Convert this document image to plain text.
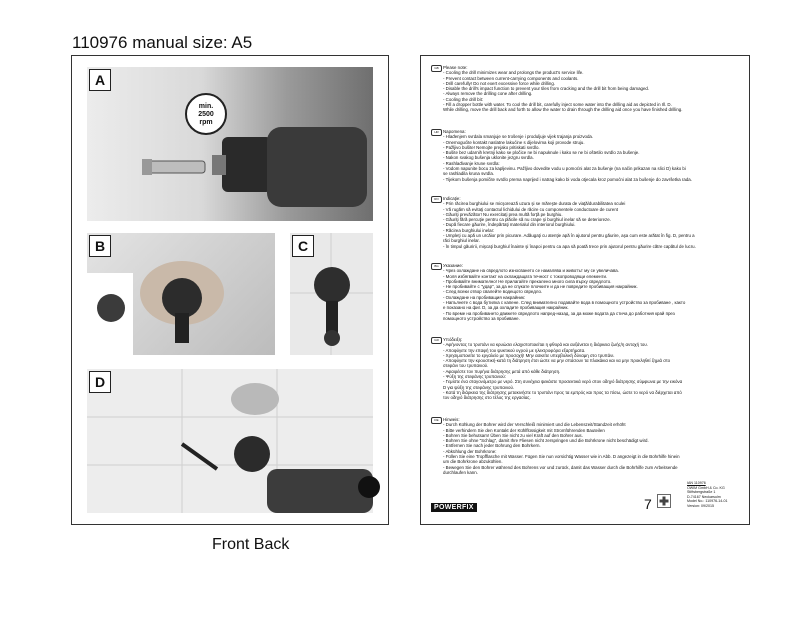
110976 manual size: A5
min.
2500
rpm
A
B	C
D
GB Please note:
- Cooling the drill minimizes wear and prolongs the product's service life.
- Prevent contact between current-carrying components and coolants.
- Drill carefully! Do not exert excessive force while drilling.
- Disable the drill's impact function to prevent your tiles from cracking and the drill bit from being damaged.
- Always remove the drilling cone after drilling.
- Cooling the drill bit:
- Fill a dropper bottle with water. To cool the drill bit, carefully inject some water into the drilling aid as depicted in Ill. D.
While drilling, move the drill back and forth to allow the water to drain through the drilling aid once you have finished drilling.
HR Napomena:
- Hlađenjem svrdala smanjuje se trošenje i produljuje vijek trajanja proizvoda.
- Onemogućite kontakt naslatne lakućine s dijelovima koji provode struju.
- Pažljivo bušite! Nemojte prejako pritiskati svrdlo.
- Bušite bez udarnih kretnji kako se pločice ne bi napuknule i kako se ne bi oštetilo svrdlo za bušenje.
- Nakon svakog bušenja uklonite jezgru svrdla.
- Rashlađivanje krune svrdla:
- Vodom napunite bocu za kapljevinu. Pažljivo dovedite vodu u pomoćni alat za bušenje (na način prikazan na slici D) kako bi
se rashladila kruna svrdla.
- Tijekom bušenja pomičite svrdlo prema naprijed i natrag kako bi voda otjecala kroz pomoćni alat za bušenje do završetka rada.
RO Indicaţie:
- Prin răcirea burghiului se micşorează uzura şi se măreşte durata de viaţă/durabilitatea sculei
- Vă rugăm să evitaţi contactul lichidului de răcire cu componentele conductoare de curent
- Găuriţi prevăzător! Nu exercitaţi prea multă forţă pe burghiu.
- Găuriţi fără percuţie pentru ca plăcile să nu crape şi burghiul inelar să se deterioreze.
- După fiecare găurire, îndepărtaţi materialul din interiorul burghiului.
- Răcirea burghiului inelar:
- Umpleţi cu apă un urcăior prin picurare. Adăugaţi cu atenţie apă în ajutorul pentru găurire, aşa cum este arătat în fig. D, pentru a
răci burghiul inelar.
- În timpul găuririi, mişcaţi burghiul înainte şi înapoi pentru ca apa să poată trece prin ajutorul pentru găurire către capătul de lucru.
BG Указание:
- Чрез охлаждане на свредлото износването се намалява и животът му се увеличава.
- Моля избягвайте контакт на охлаждащата течност с токопроводящи елементи.
- Пробивайте внимателно! Не прилагайте прекалено много сила върху свредлото.
- Не пробивайте с "удар", за да не спукате плочките и да не повредите пробиващия накрайник.
- След всеки отвор свалейте водещото свредло.
- Охлаждане на пробиващия накрайник:
- Напълнете с вода бутилка с капене. След внимателно подавайте вода в помощното устройство за пробиване , както
е показано на фиг. D, за да охладите пробиващия накрайник.
- По време на пробиването движете свредлото напред-назад, за да може водата да стича до работния край през
помощното устройство за пробиване.
GR Υπόδειξη:
- Αφήνοντας το τρυπάνι να κρυώσει ελαχιστοποιείται η φθορά και αυξάνεται η διάρκεια ζωής/η αντοχή του.
- Αποφύγετε την επαφή του ψυκτικού υγρού με ηλεκτροφόρα εξαρτήματα.
- Χρησιμοποιείτε το εργαλείο με προσοχή! Μην ασκείτε υπερβολική δύναμη στο τρυπάνι.
- Αποφύγετε την κρουστική-κατά τη διάτρηση έτσι ώστε να μην σπάσουν τα πλακάκια και να μην προκληθεί ζημιά στο
στεφάνι του τρυπανιού.
- Αφαιρέστε τον πυρήνα διάτρησης μετά από κάθε διάτρηση.
- Ψύξη της στεφάνης τρυπανιού:
- Γεμίστε ένα σταγονόμετρο με νερό. Στη συνέχεια ψεκάστε προσεκτικά νερό στον οδηγό διάτρησης σύμφωνα με την εικόνα
D για ψύξη της στεφάνης τρυπανιού.
- Κατά τη διάρκεια της διάτρησης μετακινήστε το τρυπάνι προς τα εμπρός και προς τα πίσω, ώστε το νερό να διέρχεται από
τον οδηγό διάτρησης στο τέλος της εργασίας.
DE	Hinweis:
- Durch Kühlung der Bohrer wird der Verschleiß minimiert und die Lebenszeit/Standzeit erhöht
- Bitte verhindern Sie den Kontakt der Kühlflüssigkeit mit Stromführenden Bauteilen
- Bohren Sie behutsam! Üben Sie nicht zu viel Kraft auf den Bohrer aus.
- Bohren Sie ohne "Schlag", damit Ihre Fliesen nicht zerspringen und die Bohrkrone nicht beschädigt wird.
- Entfernen Sie nach jeder Bohrung den Bohrkern.
- Abkühlung der Bohrkrone:
- Füllen Sie eine Tropfflasche mit Wasser. Fügen Sie nun vorsichtig Wasser wie in Abb. D angezeigt in die Bohrhilfe hinein
um die Bohrkrone abzukühlen.
- Bewegen Sie den Bohrer während des Bohrens vor und zurück, damit das Wasser durch die Bohrhilfe zum Arbeitsende
durchlaufen kann.
POWERFIX	7
IAN 110976
OWIM GmbH & Co. KG
Stiftsbergstraße 1
D-74167 Neckarsulm
Model No.: 110976-14-01
Version: 09/2015
Front Back
